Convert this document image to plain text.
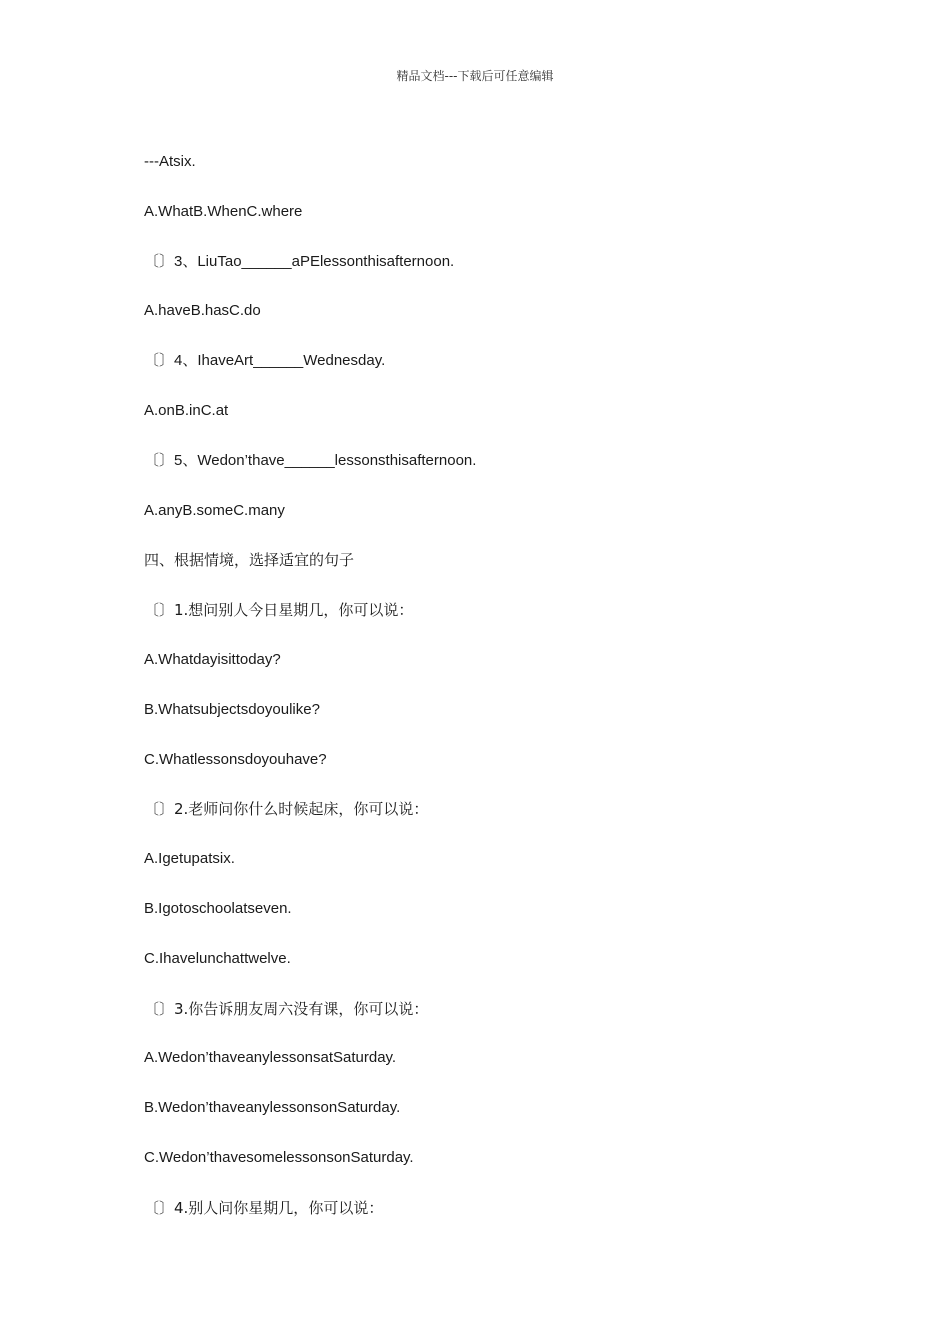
精品文档---下载后可任意编辑
---Atsix.
A.WhatB.WhenC.where
〔〕3、LiuTao______aPElessonthisafternoon.
A.haveB.hasC.do
〔〕4、IhaveArt______Wednesday.
A.onB.inC.at
〔〕5、Wedon’thave______lessonsthisafternoon.
A.anyB.someC.many
四、根据情境，选择适宜的句子
〔〕1.想问别人今日星期几，你可以说：
A.Whatdayisittoday?
B.Whatsubjectsdoyoulike?
C.Whatlessonsdoyouhave?
〔〕2.老师问你什么时候起床，你可以说：
A.Igetupatsix.
B.Igotoschoolatseven.
C.Ihavelunchattwelve.
〔〕3.你告诉朋友周六没有课，你可以说：
A.Wedon’thaveanylessonsatSaturday.
B.Wedon’thaveanylessonsonSaturday.
C.Wedon’thavesomelessonsonSaturday.
〔〕4.别人问你星期几，你可以说：
